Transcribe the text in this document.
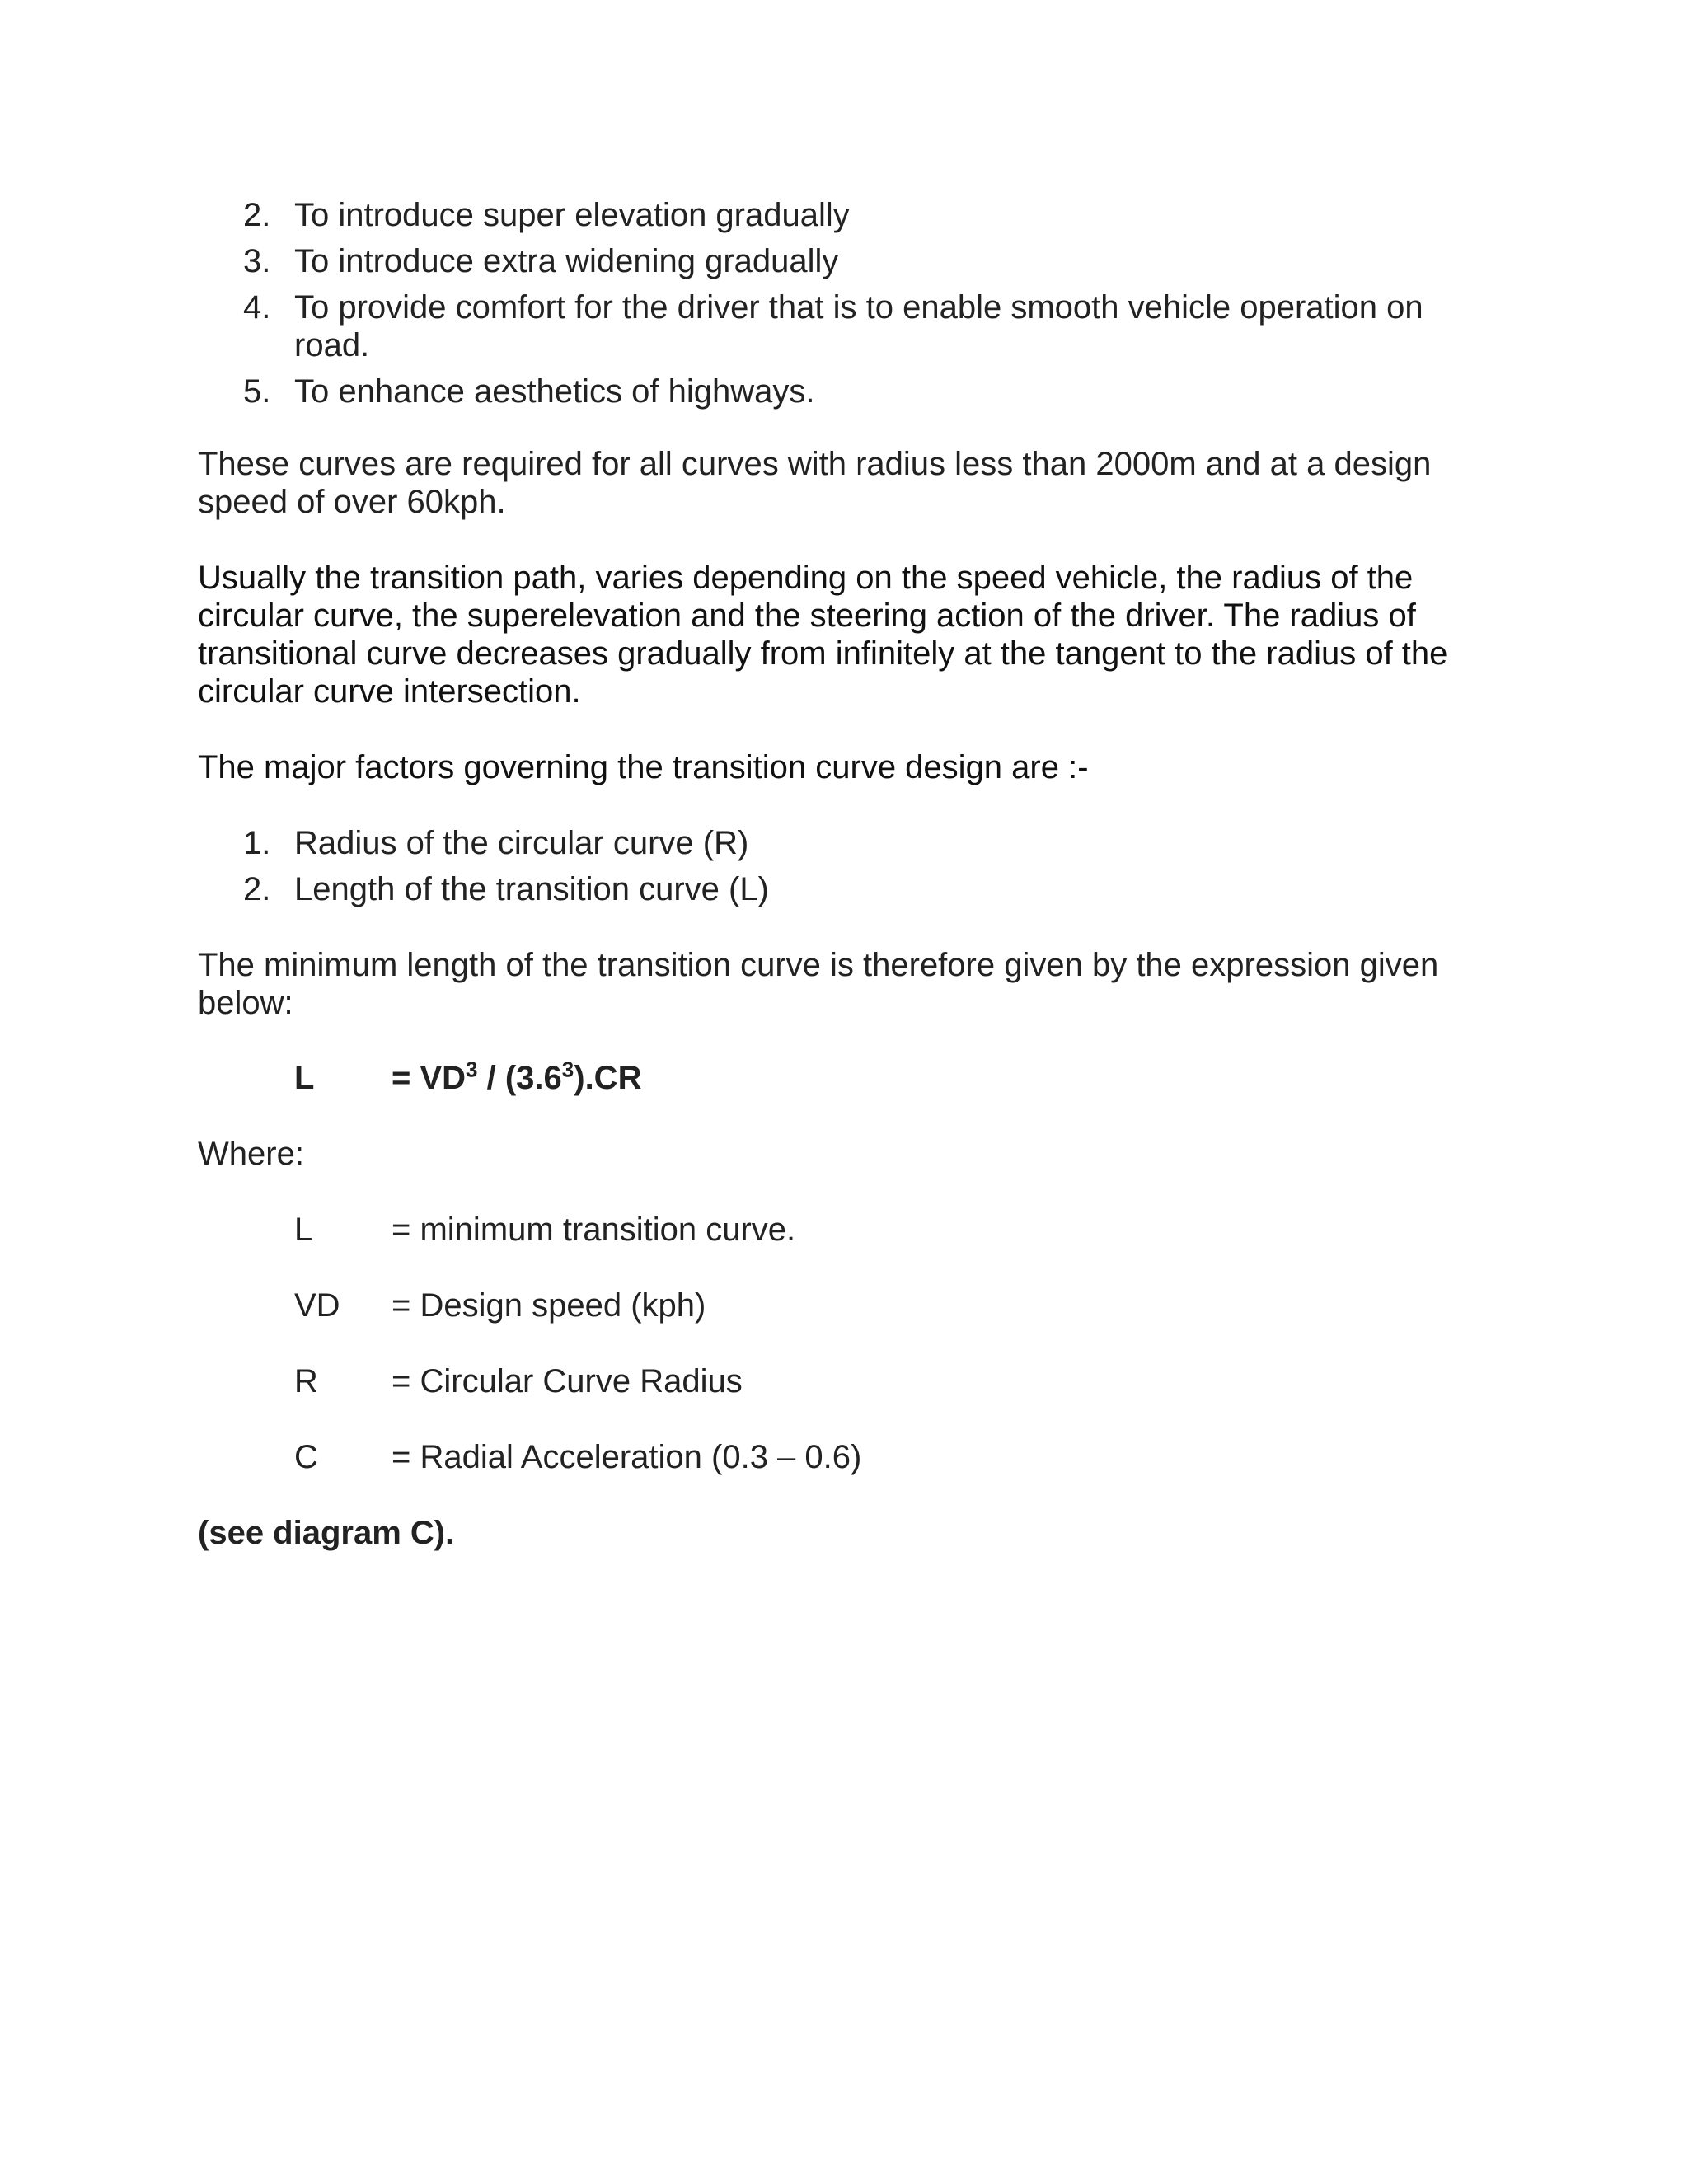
2. To introduce super elevation gradually
3. To introduce extra widening gradually
4. To provide comfort for the driver that is to enable smooth vehicle operation on
road.
5. To enhance aesthetics of highways.

These curves are required for all curves with radius less than 2000m and at a design
speed of over 60kph.

Usually the transition path, varies depending on the speed vehicle, the radius of the
circular curve, the superelevation and the steering action of the driver. The radius of
transitional curve decreases gradually from infinitely at the tangent to the radius of the
circular curve intersection.

The major factors governing the transition curve design are :-

1. Radius of the circular curve (R)
2. Length of the transition curve (L)

The minimum length of the transition curve is therefore given by the expression given
below:

$L = VD^3 / (3.6^3).CR$

Where:

L = minimum transition curve.
VD = Design speed (kph)
R = Circular Curve Radius
C = Radial Acceleration (0.3 – 0.6)

(see diagram C).
